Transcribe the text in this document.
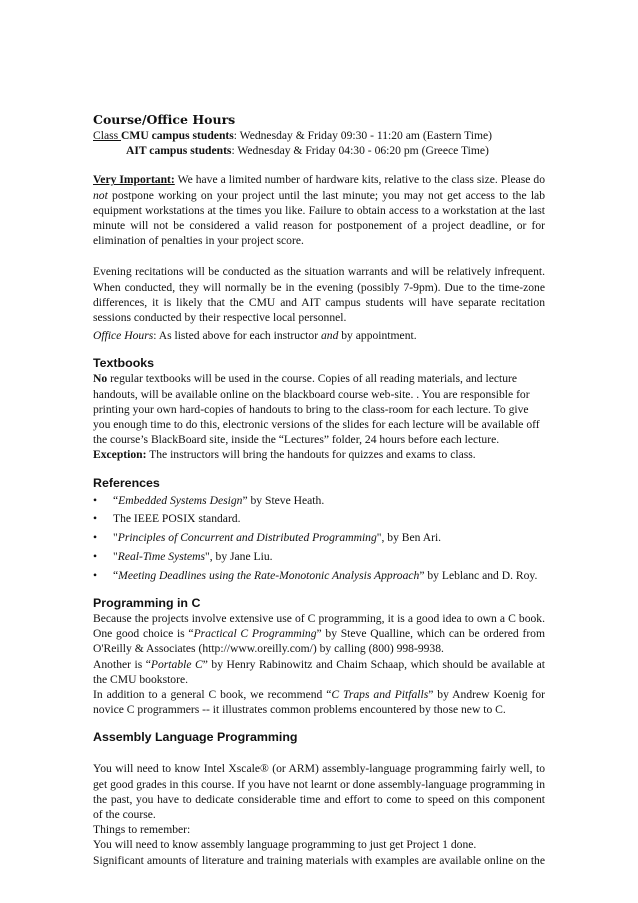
Course/Office Hours

Class CMU campus students: Wednesday & Friday 09:30 - 11:20 am (Eastern Time)

AIT campus students: Wednesday & Friday 04:30 - 06:20 pm (Greece Time)

Very Important: We have a limited number of hardware kits, relative to the class size. Please do not postpone working on your project until the last minute; you may not get access to the lab equipment workstations at the times you like. Failure to obtain access to a workstation at the last minute will not be considered a valid reason for postponement of a project deadline, or for elimination of penalties in your project score.

Evening recitations will be conducted as the situation warrants and will be relatively infrequent. When conducted, they will normally be in the evening (possibly 7-9pm). Due to the time-zone differences, it is likely that the CMU and AIT campus students will have separate recitation sessions conducted by their respective local personnel.

Office Hours: As listed above for each instructor and by appointment.

Textbooks

No regular textbooks will be used in the course. Copies of all reading materials, and lecture handouts, will be available online on the blackboard course web-site. . You are responsible for printing your own hard-copies of handouts to bring to the class-room for each lecture. To give you enough time to do this, electronic versions of the slides for each lecture will be available off the course’s BlackBoard site, inside the “Lectures” folder, 24 hours before each lecture.

Exception: The instructors will bring the handouts for quizzes and exams to class.

References

• “Embedded Systems Design” by Steve Heath.
• The IEEE POSIX standard.
• "Principles of Concurrent and Distributed Programming", by Ben Ari.
• "Real-Time Systems", by Jane Liu.
• “Meeting Deadlines using the Rate-Monotonic Analysis Approach” by Leblanc and D. Roy.

Programming in C

Because the projects involve extensive use of C programming, it is a good idea to own a C book. One good choice is “Practical C Programming” by Steve Qualline, which can be ordered from O'Reilly & Associates (http://www.oreilly.com/) by calling (800) 998-9938.

Another is “Portable C” by Henry Rabinowitz and Chaim Schaap, which should be available at the CMU bookstore.

In addition to a general C book, we recommend “C Traps and Pitfalls” by Andrew Koenig for novice C programmers -- it illustrates common problems encountered by those new to C.

Assembly Language Programming

You will need to know Intel Xscale® (or ARM) assembly-language programming fairly well, to get good grades in this course. If you have not learnt or done assembly-language programming in the past, you have to dedicate considerable time and effort to come to speed on this component of the course.

Things to remember:

You will need to know assembly language programming to just get Project 1 done.

Significant amounts of literature and training materials with examples are available online on the
